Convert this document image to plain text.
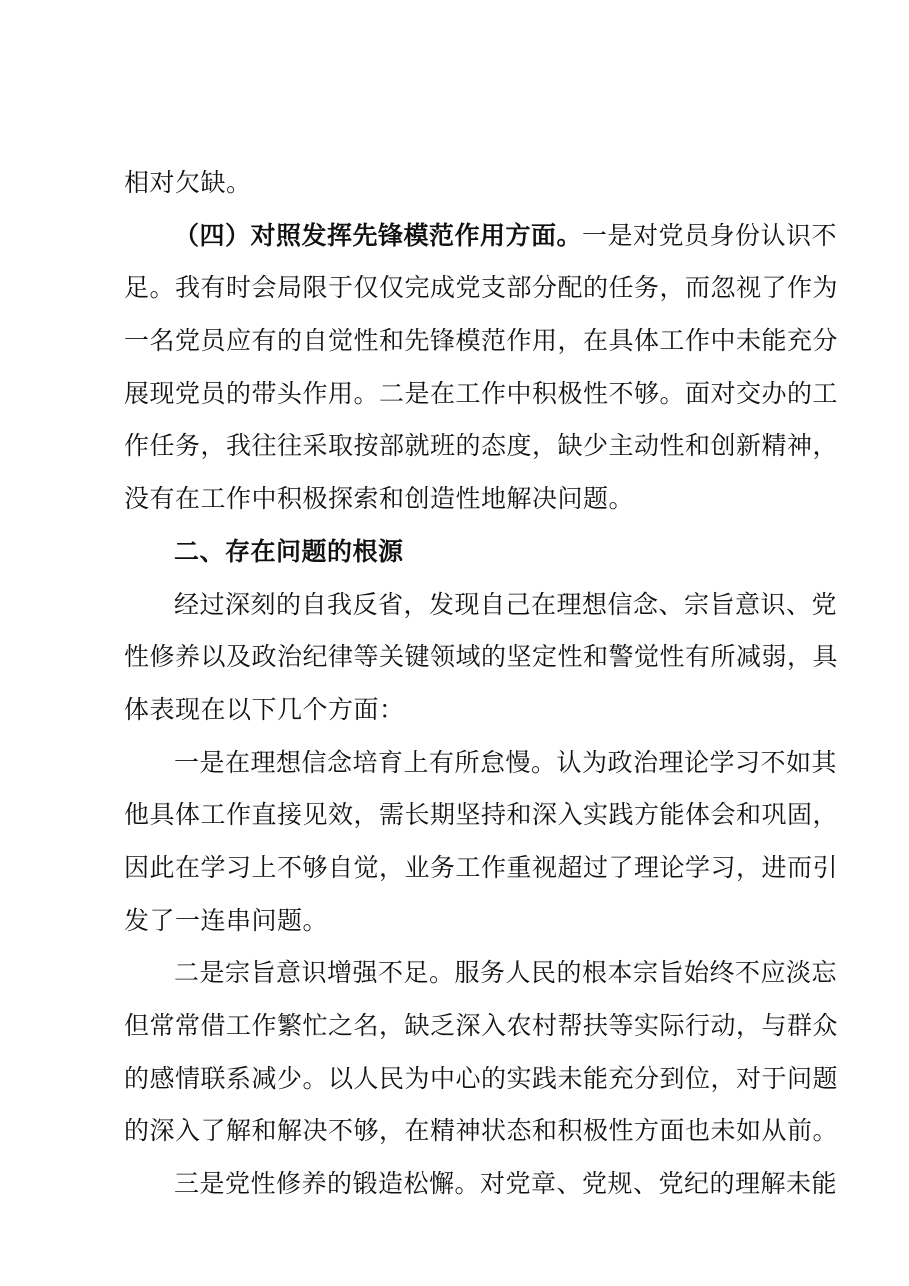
相对欠缺。
（四）对照发挥先锋模范作用方面。一是对党员身份认识不
足。我有时会局限于仅仅完成党支部分配的任务，而忽视了作为
一名党员应有的自觉性和先锋模范作用，在具体工作中未能充分
展现党员的带头作用。二是在工作中积极性不够。面对交办的工
作任务，我往往采取按部就班的态度，缺少主动性和创新精神，
没有在工作中积极探索和创造性地解决问题。
二、存在问题的根源
经过深刻的自我反省，发现自己在理想信念、宗旨意识、党
性修养以及政治纪律等关键领域的坚定性和警觉性有所减弱，具
体表现在以下几个方面：
一是在理想信念培育上有所怠慢。认为政治理论学习不如其
他具体工作直接见效，需长期坚持和深入实践方能体会和巩固，
因此在学习上不够自觉，业务工作重视超过了理论学习，进而引
发了一连串问题。
二是宗旨意识增强不足。服务人民的根本宗旨始终不应淡忘
但常常借工作繁忙之名，缺乏深入农村帮扶等实际行动，与群众
的感情联系减少。以人民为中心的实践未能充分到位，对于问题
的深入了解和解决不够，在精神状态和积极性方面也未如从前。
三是党性修养的锻造松懈。对党章、党规、党纪的理解未能
